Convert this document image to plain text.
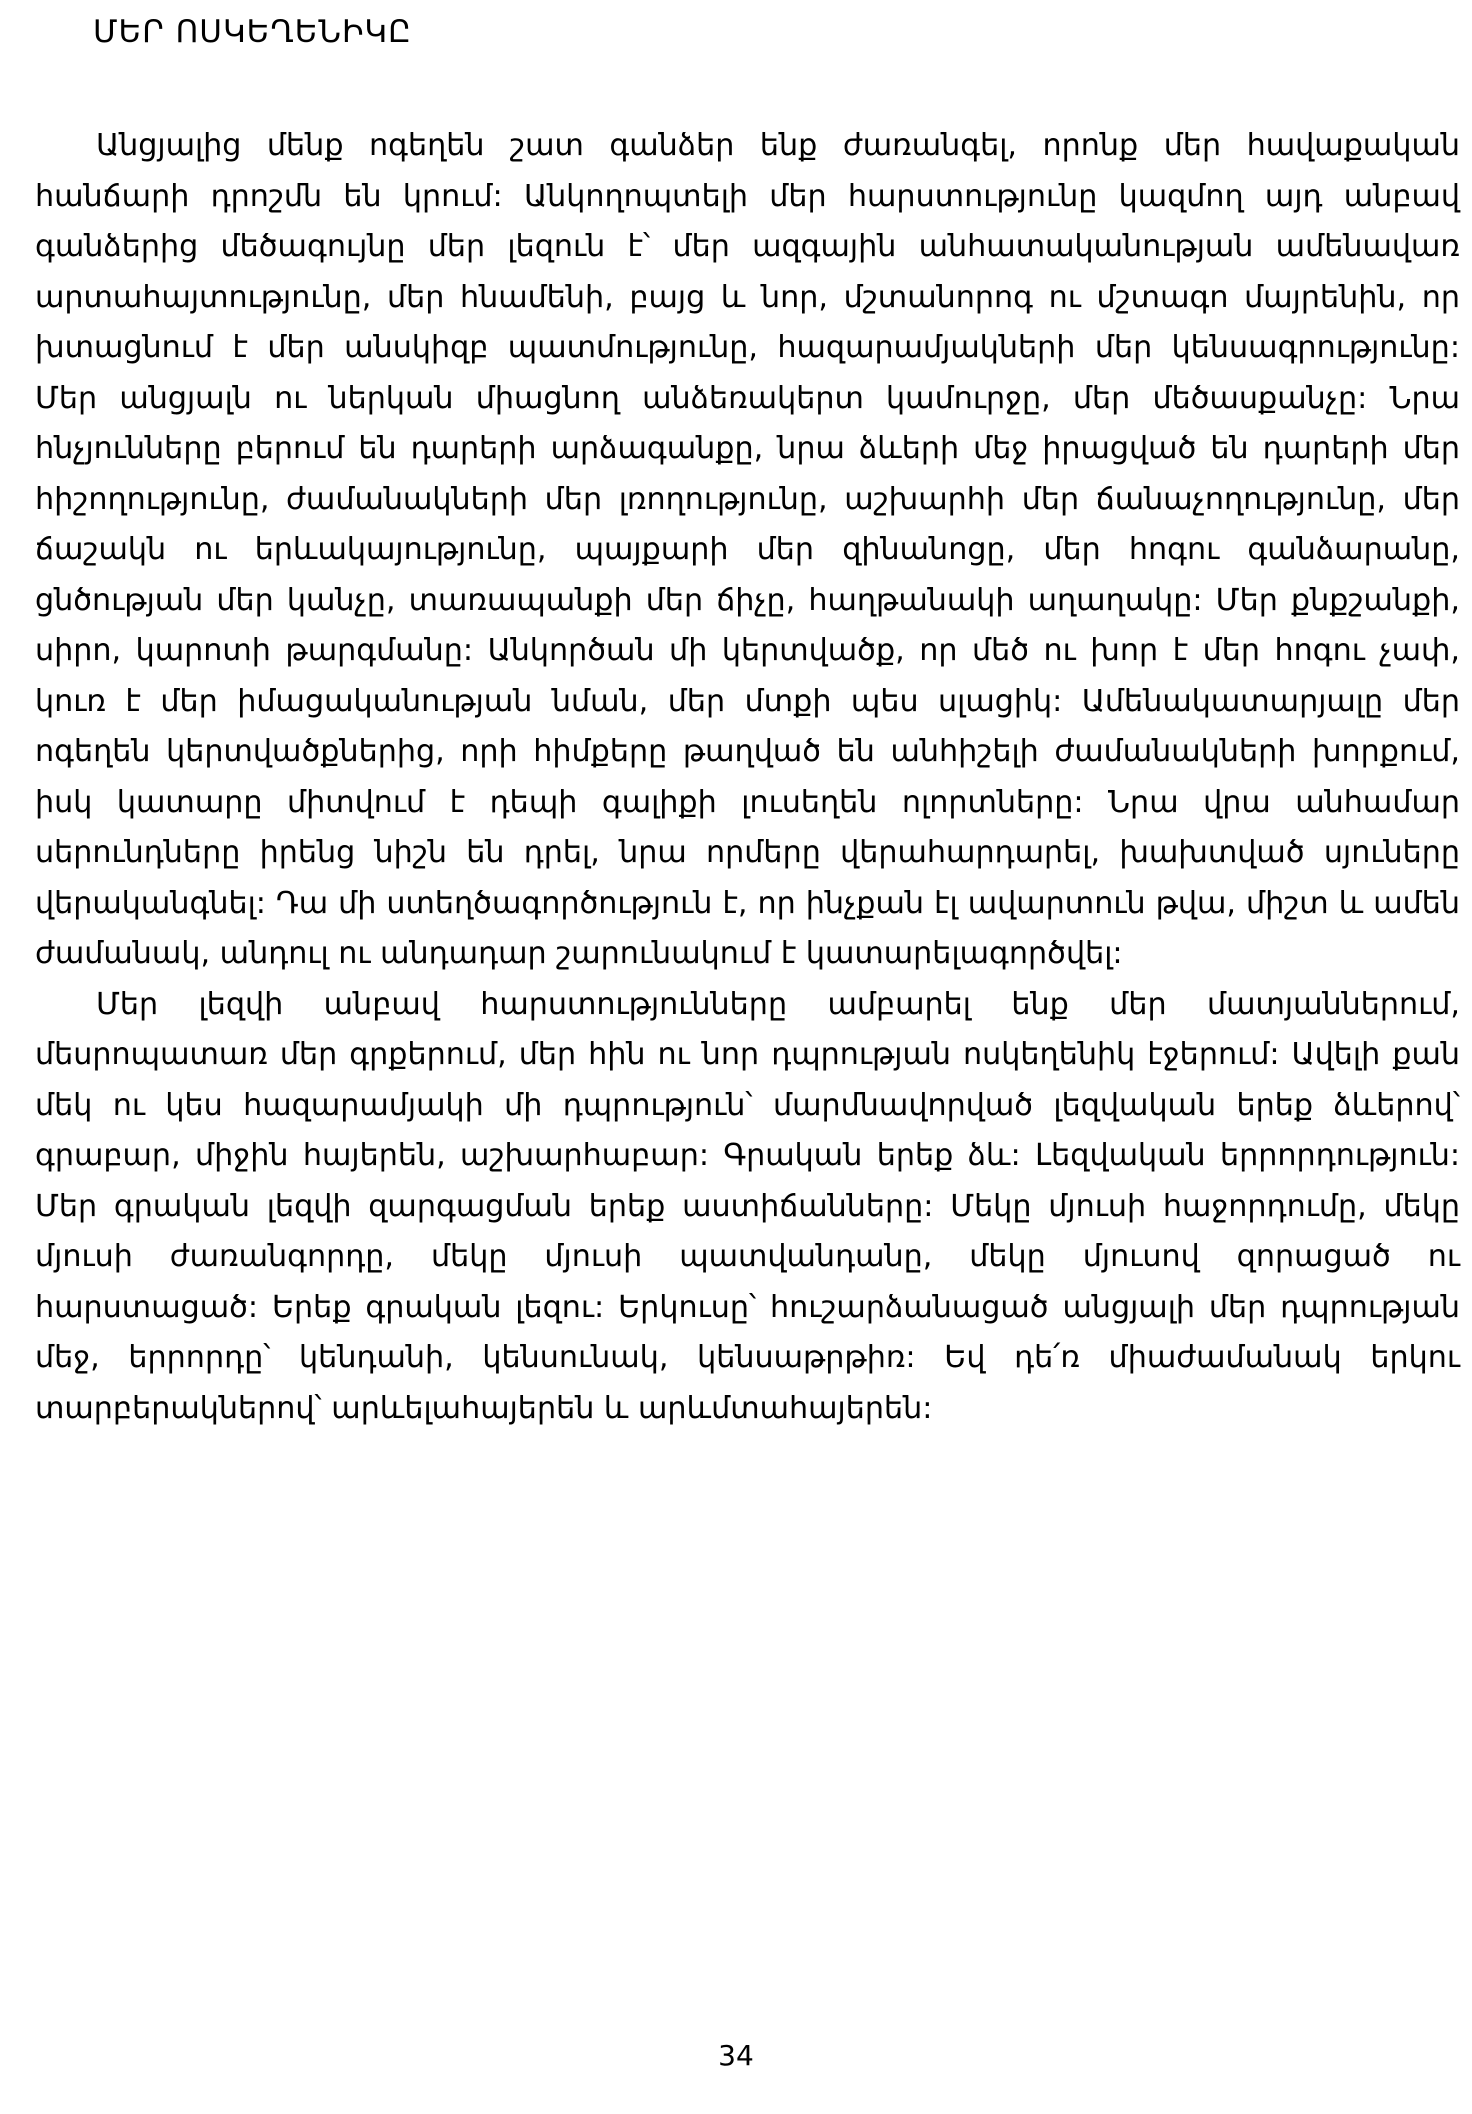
ՄԵՐ ՈՍԿԵՂԵՆԻԿԸ

Անցյալից մենք ոգեղեն շատ գանձեր ենք ժառանգել, որոնք մեր հավաքական հանճարի դրոշմն են կրում: Անկողոպտելի մեր հարստությունը կազմող այդ անբավ գանձերից մեծագույնը մեր լեզուն է՝ մեր ազգային անհատականության ամենավառ արտահայտությունը, մեր հնամենի, բայց և նոր, մշտանորոգ ու մշտագո մայրենին, որ խտացնում է մեր անսկիզբ պատմությունը, հազարամյակների մեր կենսագրությունը: Մեր անցյալն ու ներկան միացնող անձեռակերտ կամուրջը, մեր մեծասքանչը: Նրա հնչյունները բերում են դարերի արձագանքը, նրա ձևերի մեջ իրացված են դարերի մեր հիշողությունը, ժամանակների մեր լռողությունը, աշխարհի մեր ճանաչողությունը, մեր ճաշակն ու երևակայությունը, պայքարի մեր զինանոցը, մեր հոգու գանձարանը, ցնծության մեր կանչը, տառապանքի մեր ճիչը, հաղթանակի աղաղակը: Մեր քնքշանքի, սիրո, կարոտի թարգմանը: Անկործան մի կերտվածք, որ մեծ ու խոր է մեր հոգու չափ, կուռ է մեր իմացականության նման, մեր մտքի պես սլացիկ: Ամենակատարյալը մեր ոգեղեն կերտվածքներից, որի հիմքերը թաղված են անհիշելի ժամանակների խորքում, իսկ կատարը միտվում է դեպի գալիքի լուսեղեն ոլորտները: Նրա վրա անհամար սերունդները իրենց նիշն են դրել, նրա որմերը վերահարդարել, խախտված սյուները վերականգնել: Դա մի ստեղծագործություն է, որ ինչքան էլ ավարտուն թվա, միշտ և ամեն ժամանակ, անդուլ ու անդադար շարունակում է կատարելագործվել:

Մեր լեզվի անբավ հարստությունները ամբարել ենք մեր մատյաններում, մեսրոպատառ մեր գրքերում, մեր հին ու նոր դպրության ոսկեղենիկ էջերում: Ավելի քան մեկ ու կես հազարամյակի մի դպրություն՝ մարմնավորված լեզվական երեք ձևերով՝ գրաբար, միջին հայերեն, աշխարհաբար: Գրական երեք ձև: Լեզվական երրորդություն: Մեր գրական լեզվի զարգացման երեք աստիճանները: Մեկը մյուսի հաջորդումը, մեկը մյուսի ժառանգորդը, մեկը մյուսի պատվանդանը, մեկը մյուսով զորացած ու հարստացած: Երեք գրական լեզու: Երկուսը՝ հուշարձանացած անցյալի մեր դպրության մեջ, երրորդը՝ կենդանի, կենսունակ, կենսաթրթիռ: Եվ դե՛ռ միաժամանակ երկու տարբերակներով՝ արևելահայերեն և արևմտահայերեն:

34
